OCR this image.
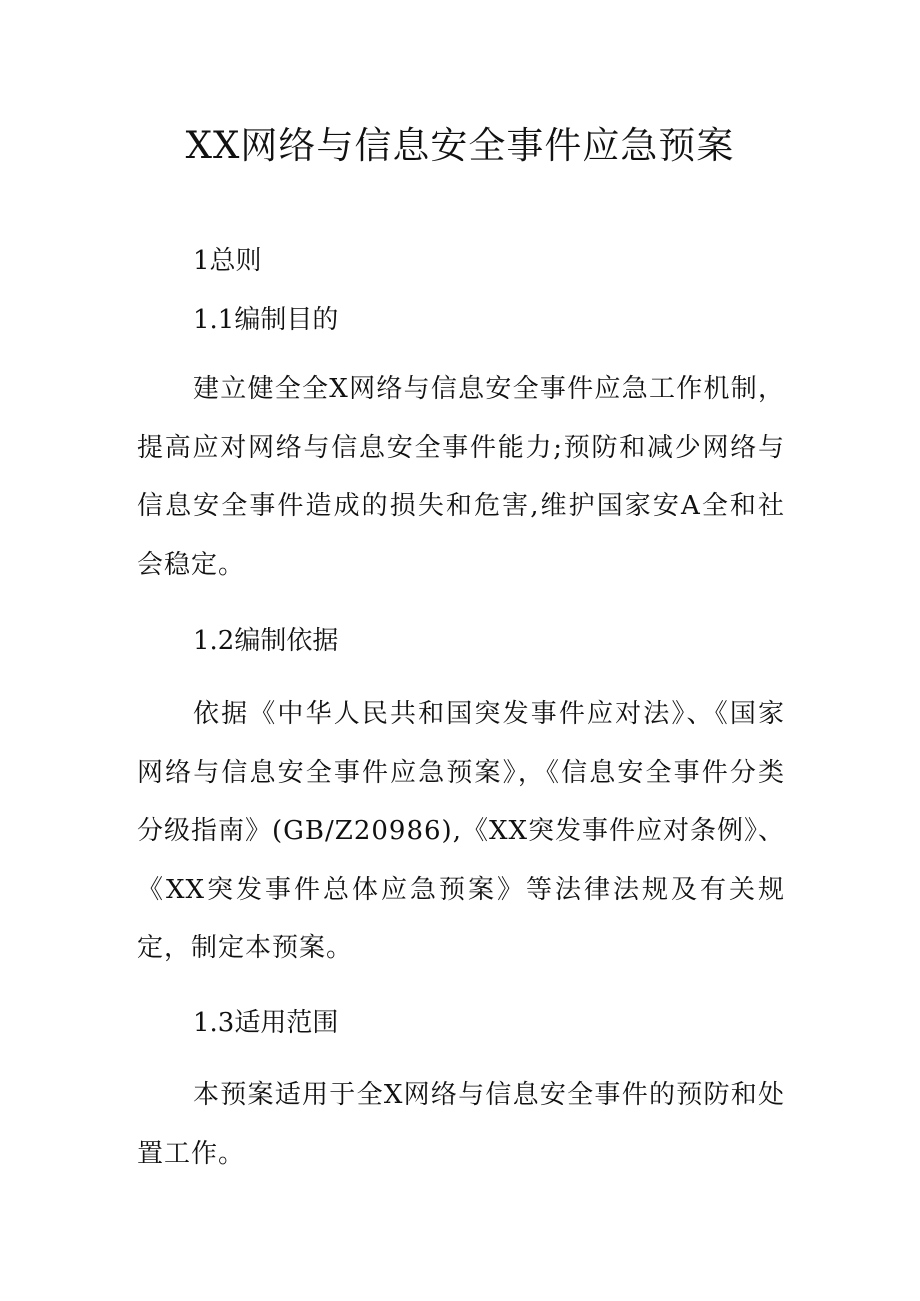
XX网络与信息安全事件应急预案
1总则
1.1编制目的

建立健全全X网络与信息安全事件应急工作机制，提高应对网络与信息安全事件能力;预防和减少网络与信息安全事件造成的损失和危害,维护国家安A全和社会稳定。

1.2编制依据

依据《中华人民共和国突发事件应对法》、《国家网络与信息安全事件应急预案》，《信息安全事件分类分级指南》(GB/Z20986),《XX突发事件应对条例》、《XX突发事件总体应急预案》等法律法规及有关规定，制定本预案。

1.3适用范围

本预案适用于全X网络与信息安全事件的预防和处置工作。
